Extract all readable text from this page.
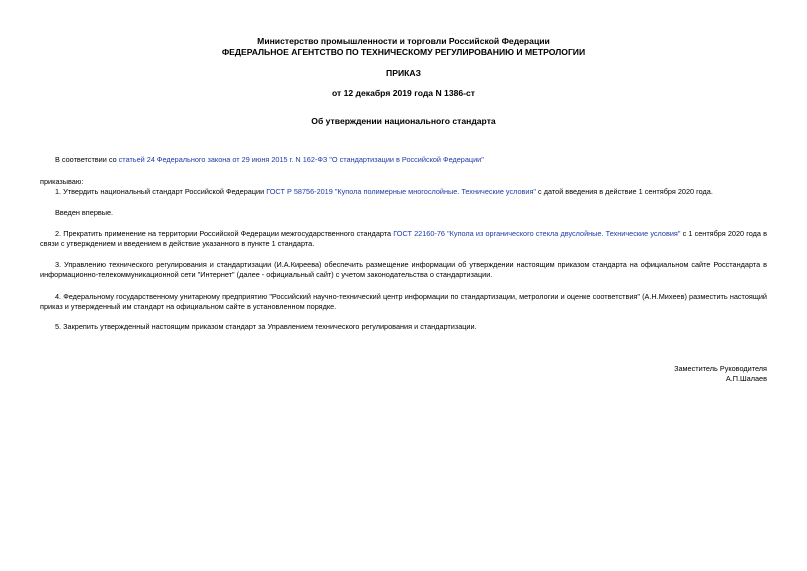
Министерство промышленности и торговли Российской Федерации
ФЕДЕРАЛЬНОЕ АГЕНТСТВО ПО ТЕХНИЧЕСКОМУ РЕГУЛИРОВАНИЮ И МЕТРОЛОГИИ
ПРИКАЗ
от 12 декабря 2019 года N 1386-ст
Об утверждении национального стандарта
В соответствии со статьей 24 Федерального закона от 29 июня 2015 г. N 162-ФЗ "О стандартизации в Российской Федерации"
приказываю:
1. Утвердить национальный стандарт Российской Федерации ГОСТ Р 58756-2019 "Купола полимерные многослойные. Технические условия" с датой введения в действие 1 сентября 2020 года.
Введен впервые.
2. Прекратить применение на территории Российской Федерации межгосударственного стандарта ГОСТ 22160-76 "Купола из органического стекла двуслойные. Технические условия" с 1 сентября 2020 года в связи с утверждением и введением в действие указанного в пункте 1 стандарта.
3. Управлению технического регулирования и стандартизации (И.А.Киреева) обеспечить размещение информации об утверждении настоящим приказом стандарта на официальном сайте Росстандарта в информационно-телекоммуникационной сети "Интернет" (далее - официальный сайт) с учетом законодательства о стандартизации.
4. Федеральному государственному унитарному предприятию "Российский научно-технический центр информации по стандартизации, метрологии и оценке соответствия" (А.Н.Михеев) разместить настоящий приказ и утвержденный им стандарт на официальном сайте в установленном порядке.
5. Закрепить утвержденный настоящим приказом стандарт за Управлением технического регулирования и стандартизации.
Заместитель Руководителя
А.П.Шалаев
